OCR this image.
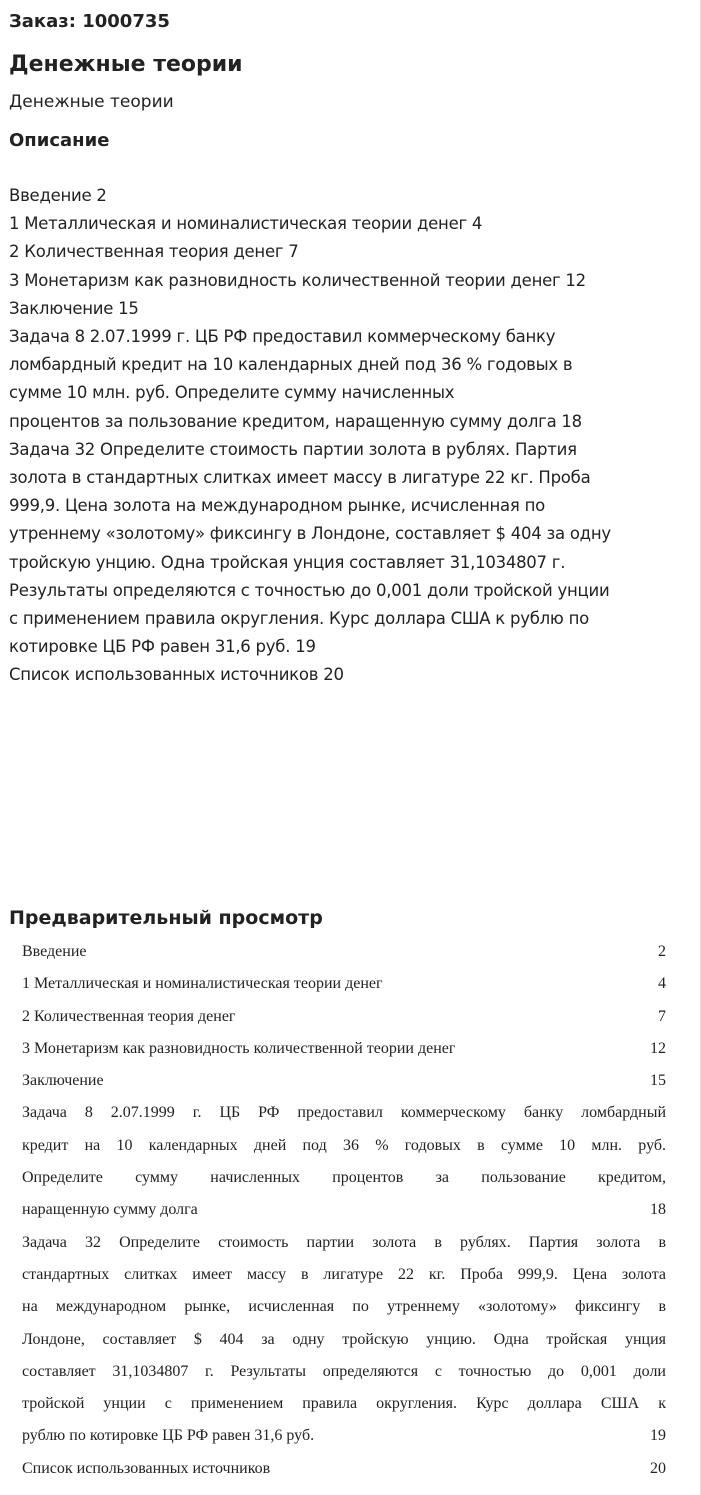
Заказ: 1000735
Денежные теории
Денежные теории
Описание
Введение 2
1 Металлическая и номиналистическая теории денег 4
2 Количественная теория денег 7
3 Монетаризм как разновидность количественной теории денег 12
Заключение 15
Задача 8 2.07.1999 г. ЦБ РФ предоставил коммерческому банку
ломбардный кредит на 10 календарных дней под 36 % годовых в
сумме 10 млн. руб. Определите сумму начисленных
процентов за пользование кредитом, наращенную сумму долга 18
Задача 32 Определите стоимость партии золота в рублях. Партия
золота в стандартных слитках имеет массу в лигатуре 22 кг. Проба
999,9. Цена золота на международном рынке, исчисленная по
утреннему «золотому» фиксингу в Лондоне, составляет $ 404 за одну
тройскую унцию. Одна тройская унция составляет 31,1034807 г.
Результаты определяются с точностью до 0,001 доли тройской унции
с применением правила округления. Курс доллара США к рублю по
котировке ЦБ РФ равен 31,6 руб. 19
Список использованных источников 20
Предварительный просмотр
Введение	2
1 Металлическая и номиналистическая теории денег	4
2 Количественная теория денег	7
3 Монетаризм как разновидность количественной теории денег	12
Заключение	15
Задача 8 2.07.1999 г. ЦБ РФ предоставил коммерческому банку ломбардный
кредит на 10 календарных дней под 36 % годовых в сумме 10 млн. руб.
Определите сумму начисленных процентов за пользование кредитом,
наращенную сумму долга	18
Задача 32 Определите стоимость партии золота в рублях. Партия золота в
стандартных слитках имеет массу в лигатуре 22 кг. Проба 999,9. Цена золота
на международном рынке, исчисленная по утреннему «золотому» фиксингу в
Лондоне, составляет $ 404 за одну тройскую унцию. Одна тройская унция
составляет 31,1034807 г. Результаты определяются с точностью до 0,001 доли
тройской унции с применением правила округления. Курс доллара США к
рублю по котировке ЦБ РФ равен 31,6 руб.	19
Список использованных источников	20
